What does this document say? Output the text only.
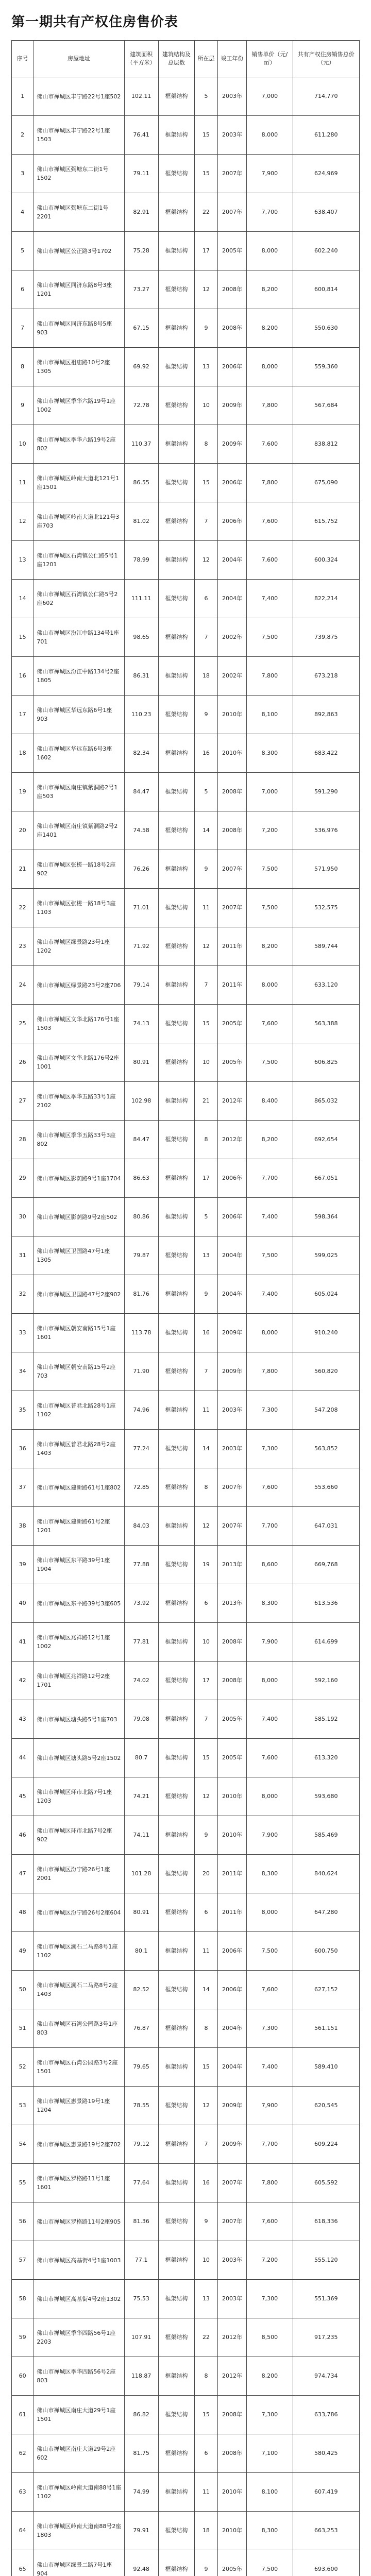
第一期共有产权住房售价表
序号	房屋地址	建筑面积（平方米）	建筑结构及总层数	所在层	竣工年份	销售单价（元/㎡）	共有产权住房销售总价（元）
1	佛山市禅城区丰宁路22号1座502	102.11	框架结构	5	2003年	7,000	714,770
2	佛山市禅城区丰宁路22号1座1503	76.41	框架结构	15	2003年	8,000	611,280
3	佛山市禅城区弼塘东二街1号1502	79.11	框架结构	15	2007年	7,900	624,969
4	佛山市禅城区弼塘东二街1号2201	82.91	框架结构	22	2007年	7,700	638,407
5	佛山市禅城区公正路3号1702	75.28	框架结构	17	2005年	8,000	602,240
6	佛山市禅城区同济东路8号3座1201	73.27	框架结构	12	2008年	8,200	600,814
7	佛山市禅城区同济东路8号5座903	67.15	框架结构	9	2008年	8,200	550,630
8	佛山市禅城区祖庙路10号2座1305	69.92	框架结构	13	2006年	8,000	559,360
9	佛山市禅城区季华六路19号1座1002	72.78	框架结构	10	2009年	7,800	567,684
10	佛山市禅城区季华六路19号2座802	110.37	框架结构	8	2009年	7,600	838,812
11	佛山市禅城区岭南大道北121号1座1501	86.55	框架结构	15	2006年	7,800	675,090
12	佛山市禅城区岭南大道北121号3座703	81.02	框架结构	7	2006年	7,600	615,752
13	佛山市禅城区石湾镇公仁路5号1座1201	78.99	框架结构	12	2004年	7,600	600,324
14	佛山市禅城区石湾镇公仁路5号2座602	111.11	框架结构	6	2004年	7,400	822,214
15	佛山市禅城区汾江中路134号1座701	98.65	框架结构	7	2002年	7,500	739,875
16	佛山市禅城区汾江中路134号2座1805	86.31	框架结构	18	2002年	7,800	673,218
17	佛山市禅城区华远东路6号1座903	110.23	框架结构	9	2010年	8,100	892,863
18	佛山市禅城区华远东路6号3座1602	82.34	框架结构	16	2010年	8,300	683,422
19	佛山市禅城区南庄镇紫洞路2号1座503	84.47	框架结构	5	2008年	7,000	591,290
20	佛山市禅城区南庄镇紫洞路2号2座1401	74.58	框架结构	14	2008年	7,200	536,976
21	佛山市禅城区张槎一路18号2座902	76.26	框架结构	9	2007年	7,500	571,950
22	佛山市禅城区张槎一路18号3座1103	71.01	框架结构	11	2007年	7,500	532,575
23	佛山市禅城区绿景路23号1座1202	71.92	框架结构	12	2011年	8,200	589,744
24	佛山市禅城区绿景路23号2座706	79.14	框架结构	7	2011年	8,000	633,120
25	佛山市禅城区文华北路176号1座1503	74.13	框架结构	15	2005年	7,600	563,388
26	佛山市禅城区文华北路176号2座1001	80.91	框架结构	10	2005年	7,500	606,825
27	佛山市禅城区季华五路33号1座2102	102.98	框架结构	21	2012年	8,400	865,032
28	佛山市禅城区季华五路33号3座802	84.47	框架结构	8	2012年	8,200	692,654
29	佛山市禅城区影荫路9号1座1704	86.63	框架结构	17	2006年	7,700	667,051
30	佛山市禅城区影荫路9号2座502	80.86	框架结构	5	2006年	7,400	598,364
31	佛山市禅城区卫国路47号1座1305	79.87	框架结构	13	2004年	7,500	599,025
32	佛山市禅城区卫国路47号2座902	81.76	框架结构	9	2004年	7,400	605,024
33	佛山市禅城区朝安南路15号1座1601	113.78	框架结构	16	2009年	8,000	910,240
34	佛山市禅城区朝安南路15号2座703	71.90	框架结构	7	2009年	7,800	560,820
35	佛山市禅城区普君北路28号1座1102	74.96	框架结构	11	2003年	7,300	547,208
36	佛山市禅城区普君北路28号2座1403	77.24	框架结构	14	2003年	7,300	563,852
37	佛山市禅城区建新路61号1座802	72.85	框架结构	8	2007年	7,600	553,660
38	佛山市禅城区建新路61号2座1201	84.03	框架结构	12	2007年	7,700	647,031
39	佛山市禅城区东平路39号1座1904	77.88	框架结构	19	2013年	8,600	669,768
40	佛山市禅城区东平路39号3座605	73.92	框架结构	6	2013年	8,300	613,536
41	佛山市禅城区兆祥路12号1座1002	77.81	框架结构	10	2008年	7,900	614,699
42	佛山市禅城区兆祥路12号2座1701	74.02	框架结构	17	2008年	8,000	592,160
43	佛山市禅城区塘头路5号1座703	79.08	框架结构	7	2005年	7,400	585,192
44	佛山市禅城区塘头路5号2座1502	80.7	框架结构	15	2005年	7,600	613,320
45	佛山市禅城区环市北路7号1座1203	74.21	框架结构	12	2010年	8,000	593,680
46	佛山市禅城区环市北路7号2座902	74.11	框架结构	9	2010年	7,900	585,469
47	佛山市禅城区汾宁路26号1座2001	101.28	框架结构	20	2011年	8,300	840,624
48	佛山市禅城区汾宁路26号2座604	80.91	框架结构	6	2011年	8,000	647,280
49	佛山市禅城区澜石二马路8号1座1102	80.1	框架结构	11	2006年	7,500	600,750
50	佛山市禅城区澜石二马路8号2座1403	82.52	框架结构	14	2006年	7,600	627,152
51	佛山市禅城区石湾公园路3号1座803	76.87	框架结构	8	2004年	7,300	561,151
52	佛山市禅城区石湾公园路3号2座1501	79.65	框架结构	15	2004年	7,400	589,410
53	佛山市禅城区惠景路19号1座1204	78.55	框架结构	12	2009年	7,900	620,545
54	佛山市禅城区惠景路19号2座702	79.12	框架结构	7	2009年	7,700	609,224
55	佛山市禅城区罗格路11号1座1601	77.64	框架结构	16	2007年	7,800	605,592
56	佛山市禅城区罗格路11号2座905	81.36	框架结构	9	2007年	7,600	618,336
57	佛山市禅城区高基街4号1座1003	77.1	框架结构	10	2003年	7,200	555,120
58	佛山市禅城区高基街4号2座1302	75.53	框架结构	13	2003年	7,300	551,369
59	佛山市禅城区季华四路56号1座2203	107.91	框架结构	22	2012年	8,500	917,235
60	佛山市禅城区季华四路56号2座803	118.87	框架结构	8	2012年	8,200	974,734
61	佛山市禅城区南庄大道29号1座1501	86.82	框架结构	15	2008年	7,300	633,786
62	佛山市禅城区南庄大道29号2座602	81.75	框架结构	6	2008年	7,100	580,425
63	佛山市禅城区岭南大道南88号1座1102	74.99	框架结构	11	2010年	8,100	607,419
64	佛山市禅城区岭南大道南88号2座1803	79.91	框架结构	18	2010年	8,300	663,253
65	佛山市禅城区绿景二路7号1座904	92.48	框架结构	9	2005年	7,500	693,600
